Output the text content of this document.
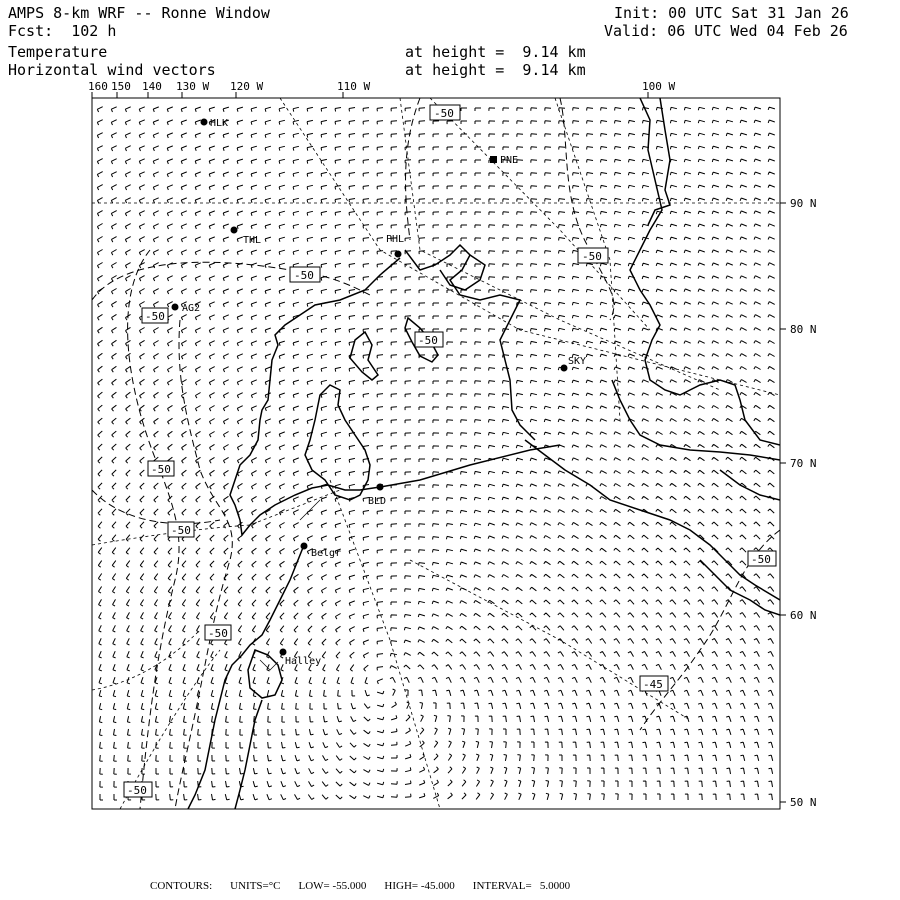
AMPS 8-km WRF -- Ronne Window
Fcst:  102 h
Temperature
Horizontal wind vectors
at height =  9.14 km
at height =  9.14 km
Init: 00 UTC Sat 31 Jan 26
Valid: 06 UTC Wed 04 Feb 26
160 150 140 130 W 120 W	110 W	100 W
90 N
80 N
70 N
60 N
50 N
HLK
PNE
THL	PHL
AG2
SKY
BLD
Belgr
Halley
-50
-50
-50
-50
-50
-50
-50
-50
-50
-50
-45
CONTOURS: UNITS=°C LOW= -55.000 HIGH= -45.000 INTERVAL=   5.0000
